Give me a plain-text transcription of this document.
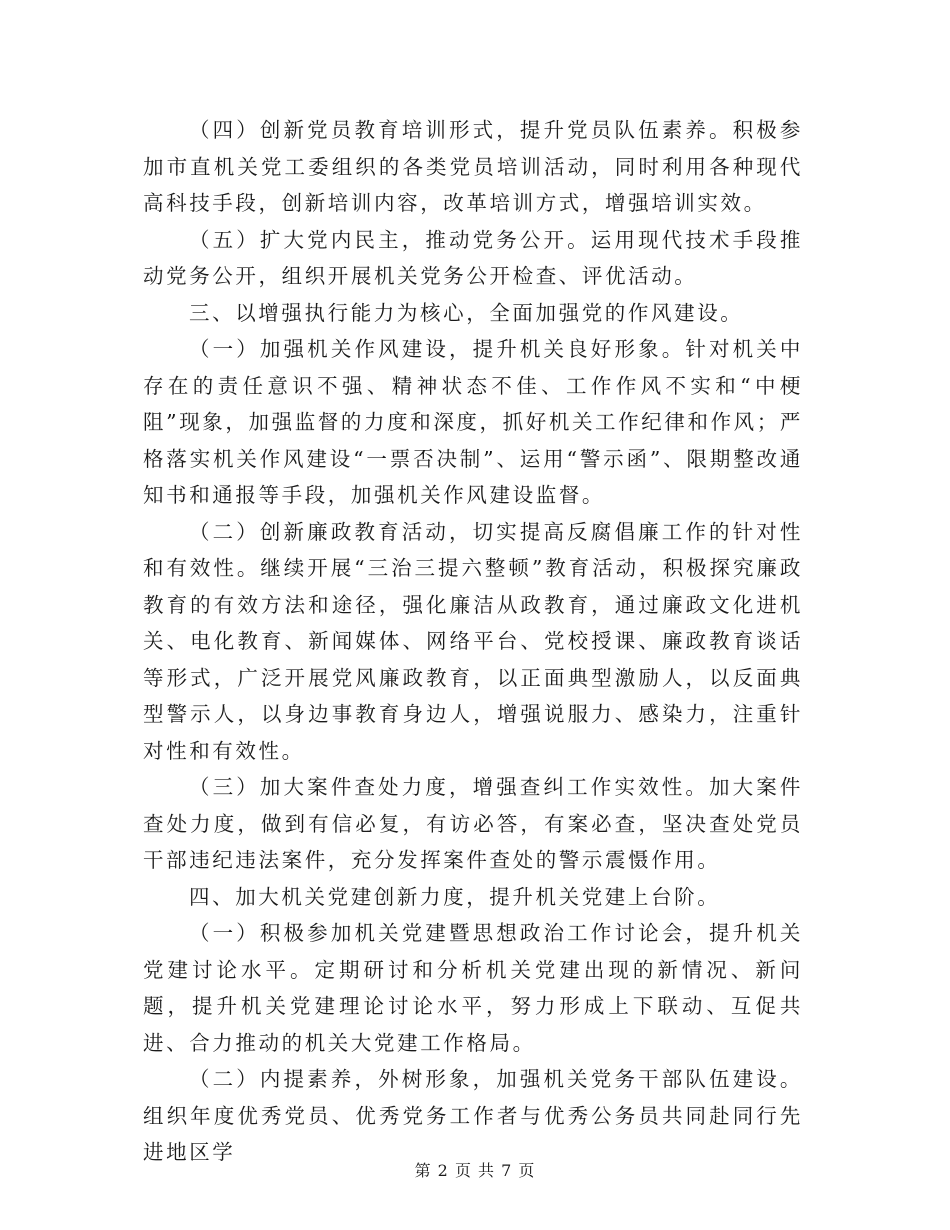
（四）创新党员教育培训形式，提升党员队伍素养。积极参加市直机关党工委组织的各类党员培训活动，同时利用各种现代高科技手段，创新培训内容，改革培训方式，增强培训实效。

（五）扩大党内民主，推动党务公开。运用现代技术手段推动党务公开，组织开展机关党务公开检查、评优活动。

三、以增强执行能力为核心，全面加强党的作风建设。

（一）加强机关作风建设，提升机关良好形象。针对机关中存在的责任意识不强、精神状态不佳、工作作风不实和“中梗阻”现象，加强监督的力度和深度，抓好机关工作纪律和作风；严格落实机关作风建设“一票否决制”、运用“警示函”、限期整改通知书和通报等手段，加强机关作风建设监督。

（二）创新廉政教育活动，切实提高反腐倡廉工作的针对性和有效性。继续开展“三治三提六整顿”教育活动，积极探究廉政教育的有效方法和途径，强化廉洁从政教育，通过廉政文化进机关、电化教育、新闻媒体、网络平台、党校授课、廉政教育谈话等形式，广泛开展党风廉政教育，以正面典型激励人，以反面典型警示人，以身边事教育身边人，增强说服力、感染力，注重针对性和有效性。

（三）加大案件查处力度，增强查纠工作实效性。加大案件查处力度，做到有信必复，有访必答，有案必查，坚决查处党员干部违纪违法案件，充分发挥案件查处的警示震慑作用。

四、加大机关党建创新力度，提升机关党建上台阶。

（一）积极参加机关党建暨思想政治工作讨论会，提升机关党建讨论水平。定期研讨和分析机关党建出现的新情况、新问题，提升机关党建理论讨论水平，努力形成上下联动、互促共进、合力推动的机关大党建工作格局。

（二）内提素养，外树形象，加强机关党务干部队伍建设。组织年度优秀党员、优秀党务工作者与优秀公务员共同赴同行先进地区学

第 2 页 共 7 页
